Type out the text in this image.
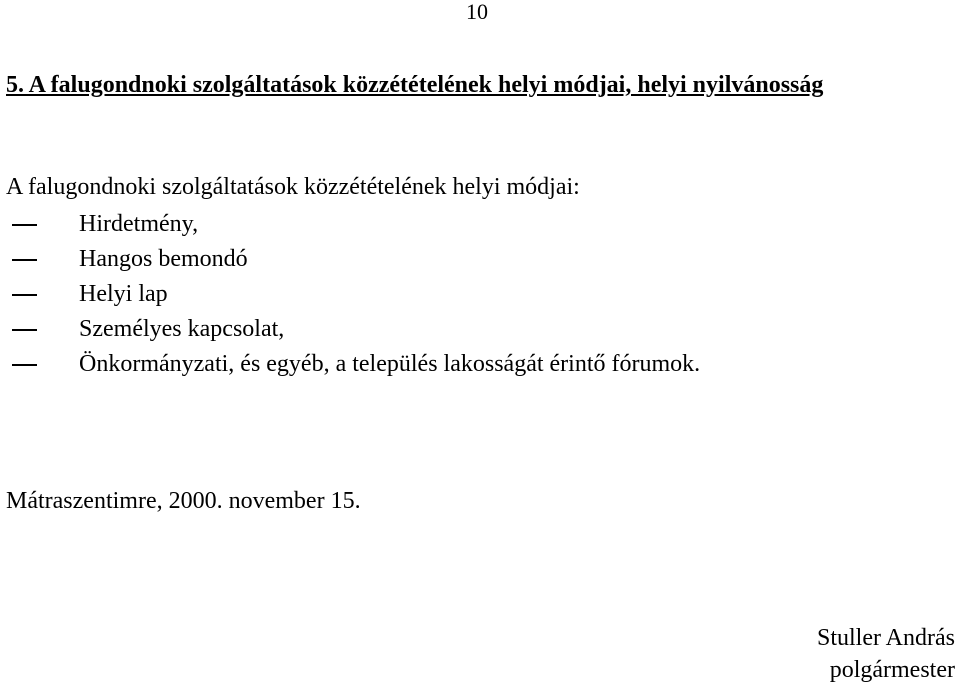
10
5. A falugondnoki szolgáltatások közzétételének helyi módjai, helyi nyilvánosság

A falugondnoki szolgáltatások közzétételének helyi módjai:

Hirdetmény,
Hangos bemondó
Helyi lap
Személyes kapcsolat,
Önkormányzati, és egyéb, a település lakosságát érintő fórumok.

Mátraszentimre, 2000. november 15.

Stuller András
polgármester
